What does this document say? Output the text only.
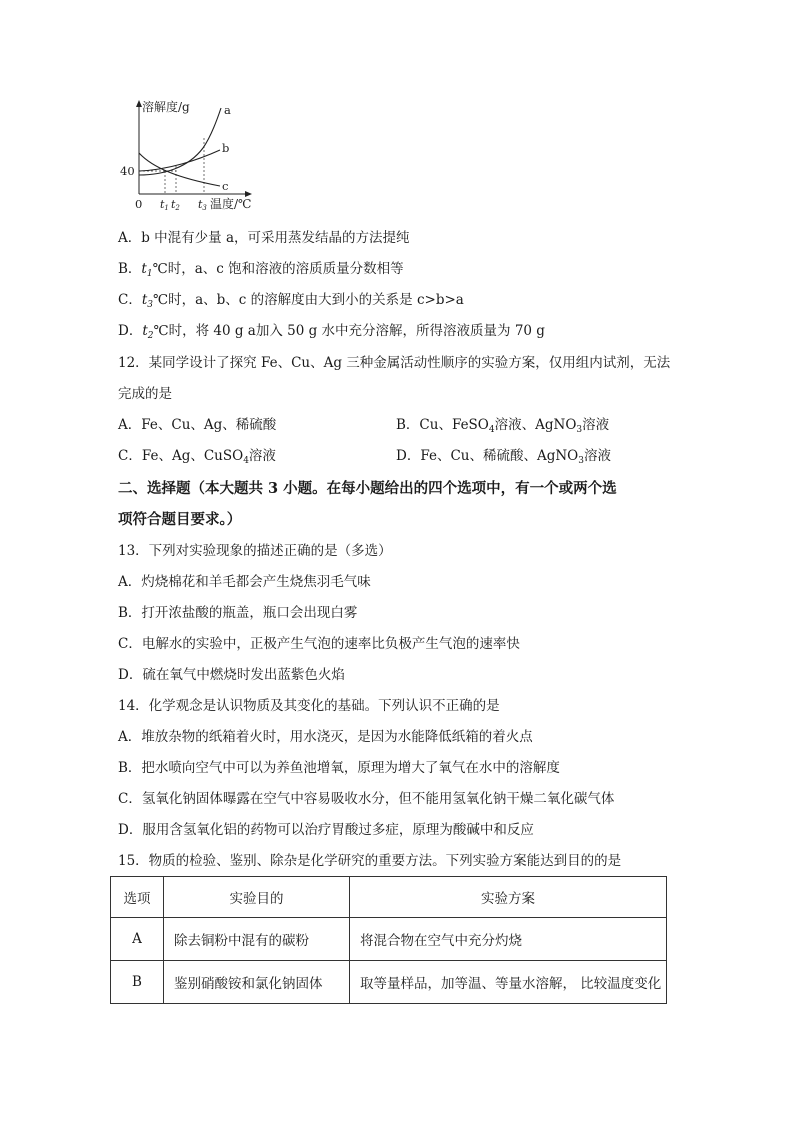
溶解度/g
40
0 t1 t2 t3 温度/℃
a
b
c
A．b 中混有少量 a，可采用蒸发结晶的方法提纯
B．$t_1℃$时，a、c 饱和溶液的溶质质量分数相等
C．$t_3℃$时，a、b、c 的溶解度由大到小的关系是 c>b>a
D．$t_2℃$时，将 40 g a加入 50 g 水中充分溶解，所得溶液质量为 70 g
12．某同学设计了探究 Fe、Cu、Ag 三种金属活动性顺序的实验方案，仅用组内试剂，无法
完成的是
A．Fe、Cu、Ag、稀硫酸	B．Cu、FeSO$_4$溶液、AgNO$_3$溶液
C．Fe、Ag、CuSO$_4$溶液	D．Fe、Cu、稀硫酸、AgNO$_3$溶液
二、选择题（本大题共 3 小题。在每小题给出的四个选项中，有一个或两个选
项符合题目要求。）
13．下列对实验现象的描述正确的是（多选）
A．灼烧棉花和羊毛都会产生烧焦羽毛气味
B．打开浓盐酸的瓶盖，瓶口会出现白雾
C．电解水的实验中，正极产生气泡的速率比负极产生气泡的速率快
D．硫在氧气中燃烧时发出蓝紫色火焰
14．化学观念是认识物质及其变化的基础。下列认识不正确的是
A．堆放杂物的纸箱着火时，用水浇灭，是因为水能降低纸箱的着火点
B．把水喷向空气中可以为养鱼池增氧，原理为增大了氧气在水中的溶解度
C．氢氧化钠固体曝露在空气中容易吸收水分，但不能用氢氧化钠干燥二氧化碳气体
D．服用含氢氧化铝的药物可以治疗胃酸过多症，原理为酸碱中和反应
15．物质的检验、鉴别、除杂是化学研究的重要方法。下列实验方案能达到目的的是
选项	实验目的	实验方案
A	除去铜粉中混有的碳粉	将混合物在空气中充分灼烧
B	鉴别硝酸铵和氯化钠固体	取等量样品，加等温、等量水溶解， 比较温度变化
